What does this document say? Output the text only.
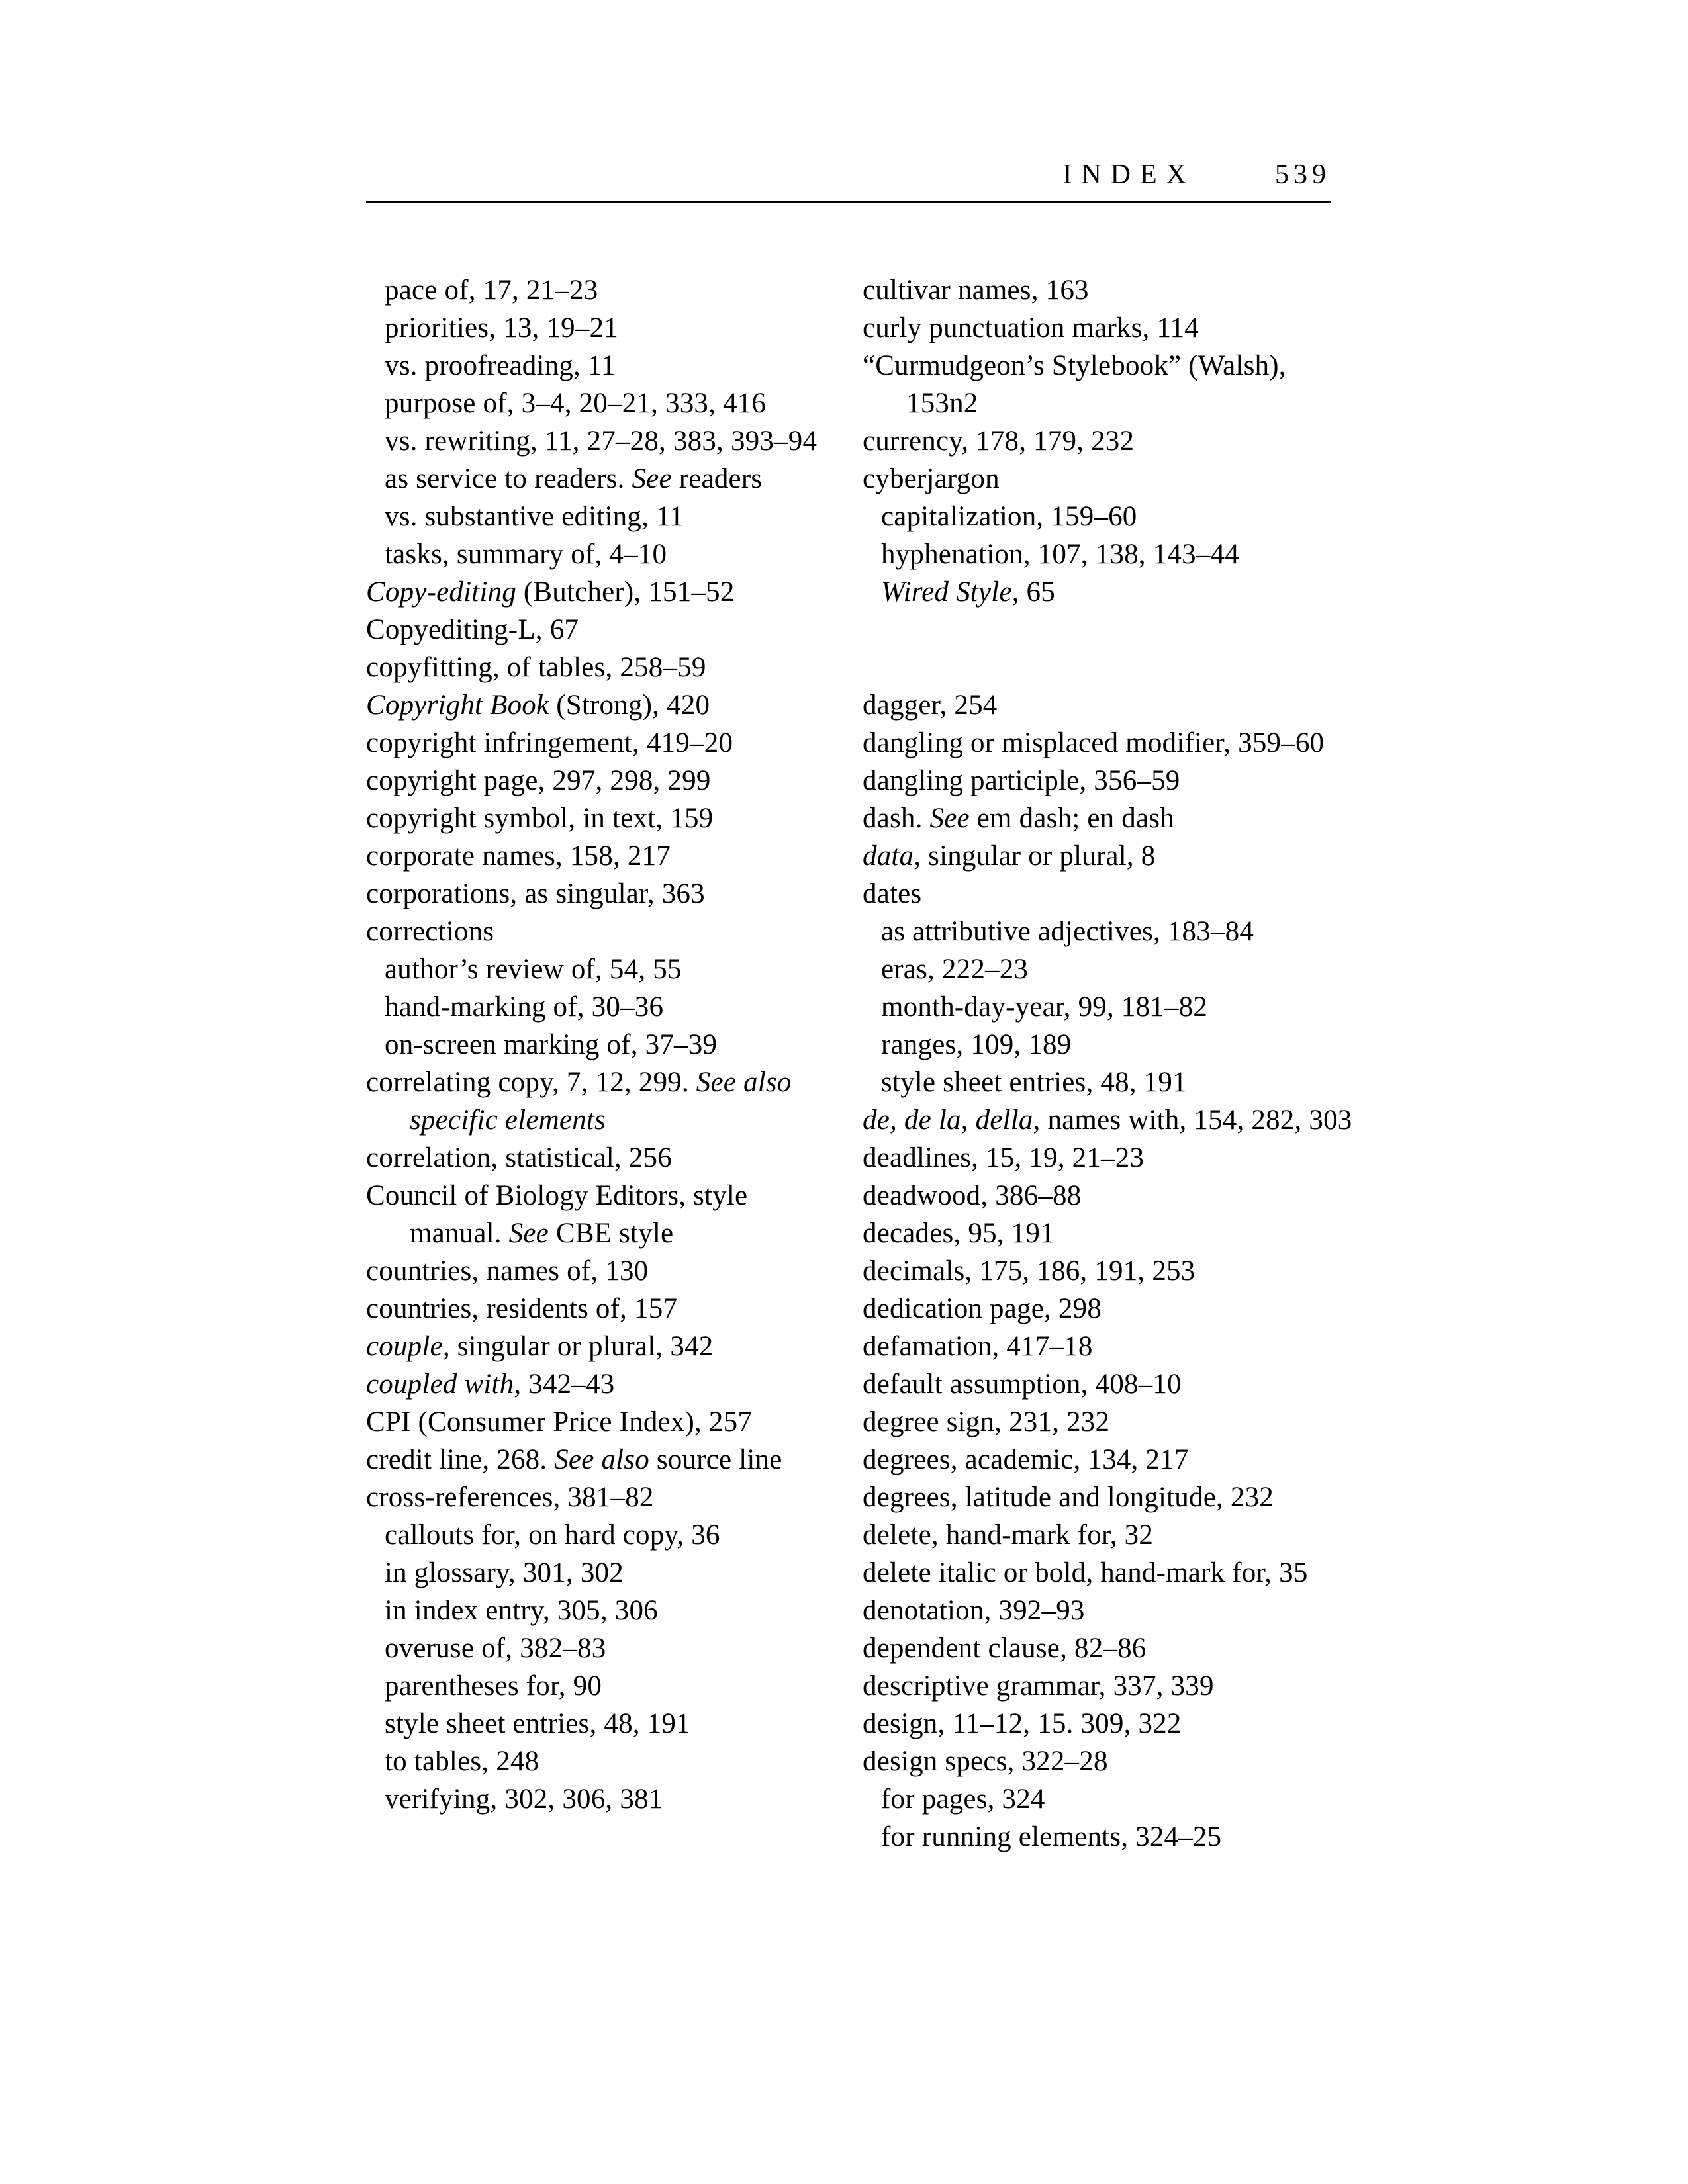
INDEX	539
pace of, 17, 21–23
priorities, 13, 19–21
vs. proofreading, 11
purpose of, 3–4, 20–21, 333, 416
vs. rewriting, 11, 27–28, 383, 393–94
as service to readers. See readers
vs. substantive editing, 11
tasks, summary of, 4–10
Copy-editing (Butcher), 151–52
Copyediting-L, 67
copyfitting, of tables, 258–59
Copyright Book (Strong), 420
copyright infringement, 419–20
copyright page, 297, 298, 299
copyright symbol, in text, 159
corporate names, 158, 217
corporations, as singular, 363
corrections
author’s review of, 54, 55
hand-marking of, 30–36
on-screen marking of, 37–39
correlating copy, 7, 12, 299. See also
specific elements
correlation, statistical, 256
Council of Biology Editors, style
manual. See CBE style
countries, names of, 130
countries, residents of, 157
couple, singular or plural, 342
coupled with, 342–43
CPI (Consumer Price Index), 257
credit line, 268. See also source line
cross-references, 381–82
callouts for, on hard copy, 36
in glossary, 301, 302
in index entry, 305, 306
overuse of, 382–83
parentheses for, 90
style sheet entries, 48, 191
to tables, 248
verifying, 302, 306, 381
cultivar names, 163
curly punctuation marks, 114
“Curmudgeon’s Stylebook” (Walsh),
153n2
currency, 178, 179, 232
cyberjargon
capitalization, 159–60
hyphenation, 107, 138, 143–44
Wired Style, 65
dagger, 254
dangling or misplaced modifier, 359–60
dangling participle, 356–59
dash. See em dash; en dash
data, singular or plural, 8
dates
as attributive adjectives, 183–84
eras, 222–23
month-day-year, 99, 181–82
ranges, 109, 189
style sheet entries, 48, 191
de, de la, della, names with, 154, 282, 303
deadlines, 15, 19, 21–23
deadwood, 386–88
decades, 95, 191
decimals, 175, 186, 191, 253
dedication page, 298
defamation, 417–18
default assumption, 408–10
degree sign, 231, 232
degrees, academic, 134, 217
degrees, latitude and longitude, 232
delete, hand-mark for, 32
delete italic or bold, hand-mark for, 35
denotation, 392–93
dependent clause, 82–86
descriptive grammar, 337, 339
design, 11–12, 15. 309, 322
design specs, 322–28
for pages, 324
for running elements, 324–25
